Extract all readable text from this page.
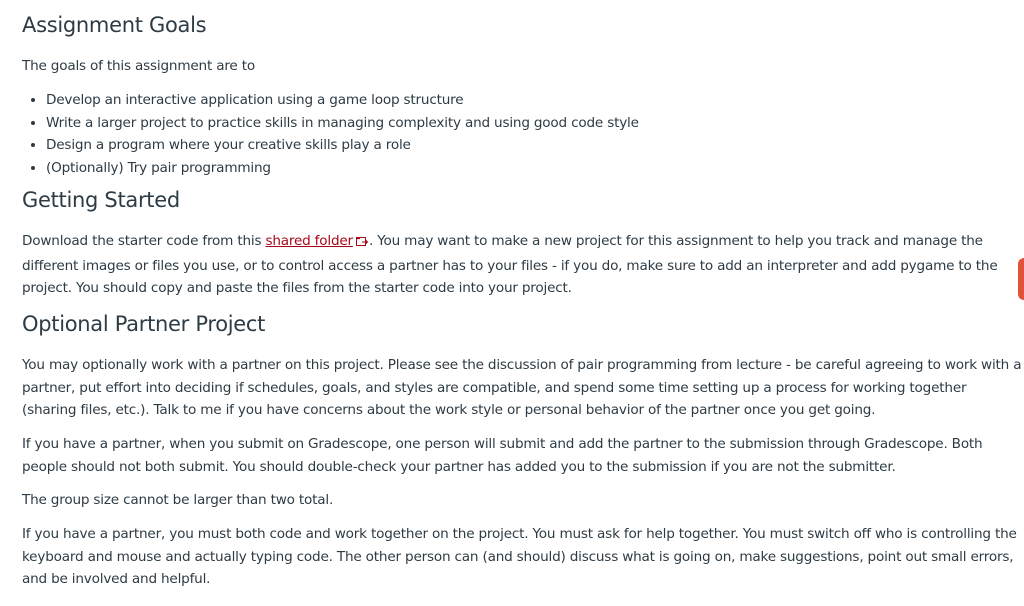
Assignment Goals

The goals of this assignment are to

• Develop an interactive application using a game loop structure
• Write a larger project to practice skills in managing complexity and using good code style
• Design a program where your creative skills play a role
• (Optionally) Try pair programming
Getting Started

Download the starter code from this shared folder . You may want to make a new project for this assignment to help you track and manage the different images or files you use, or to control access a partner has to your files - if you do, make sure to add an interpreter and add pygame to the project. You should copy and paste the files from the starter code into your project.

Optional Partner Project

You may optionally work with a partner on this project. Please see the discussion of pair programming from lecture - be careful agreeing to work with a partner, put effort into deciding if schedules, goals, and styles are compatible, and spend some time setting up a process for working together (sharing files, etc.). Talk to me if you have concerns about the work style or personal behavior of the partner once you get going.

If you have a partner, when you submit on Gradescope, one person will submit and add the partner to the submission through Gradescope. Both people should not both submit. You should double-check your partner has added you to the submission if you are not the submitter.

The group size cannot be larger than two total.

If you have a partner, you must both code and work together on the project. You must ask for help together. You must switch off who is controlling the keyboard and mouse and actually typing code. The other person can (and should) discuss what is going on, make suggestions, point out small errors, and be involved and helpful.
